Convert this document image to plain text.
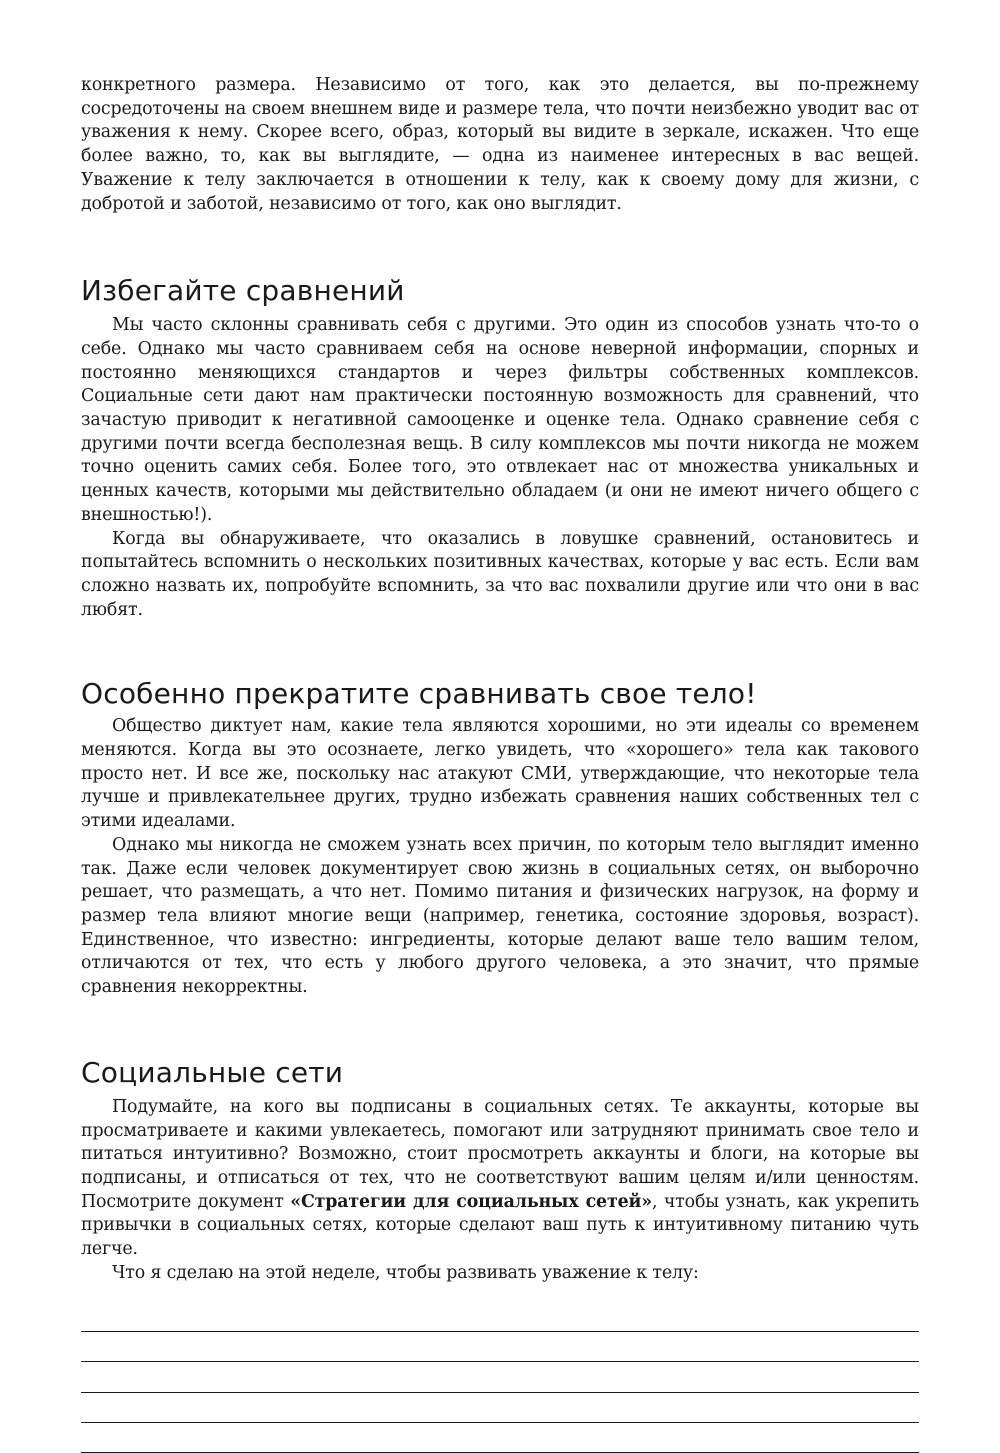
конкретного размера. Независимо от того, как это делается, вы по-прежнему сосредоточены на своем внешнем виде и размере тела, что почти неизбежно уводит вас от уважения к нему. Скорее всего, образ, который вы видите в зеркале, искажен. Что еще более важно, то, как вы выглядите, — одна из наименее интересных в вас вещей. Уважение к телу заключается в отношении к телу, как к своему дому для жизни, с добротой и заботой, независимо от того, как оно выглядит.

Избегайте сравнений

Мы часто склонны сравнивать себя с другими. Это один из способов узнать что-то о себе. Однако мы часто сравниваем себя на основе неверной информации, спорных и постоянно меняющихся стандартов и через фильтры собственных комплексов. Социальные сети дают нам практически постоянную возможность для сравнений, что зачастую приводит к негативной самооценке и оценке тела. Однако сравнение себя с другими почти всегда бесполезная вещь. В силу комплексов мы почти никогда не можем точно оценить самих себя. Более того, это отвлекает нас от множества уникальных и ценных качеств, которыми мы действительно обладаем (и они не имеют ничего общего с внешностью!).

Когда вы обнаруживаете, что оказались в ловушке сравнений, остановитесь и попытайтесь вспомнить о нескольких позитивных качествах, которые у вас есть. Если вам сложно назвать их, попробуйте вспомнить, за что вас похвалили другие или что они в вас любят.

Особенно прекратите сравнивать свое тело!

Общество диктует нам, какие тела являются хорошими, но эти идеалы со временем меняются. Когда вы это осознаете, легко увидеть, что «хорошего» тела как такового просто нет. И все же, поскольку нас атакуют СМИ, утверждающие, что некоторые тела лучше и привлекательнее других, трудно избежать сравнения наших собственных тел с этими идеалами.

Однако мы никогда не сможем узнать всех причин, по которым тело выглядит именно так. Даже если человек документирует свою жизнь в социальных сетях, он выборочно решает, что размещать, а что нет. Помимо питания и физических нагрузок, на форму и размер тела влияют многие вещи (например, генетика, состояние здоровья, возраст). Единственное, что известно: ингредиенты, которые делают ваше тело вашим телом, отличаются от тех, что есть у любого другого человека, а это значит, что прямые сравнения некорректны.

Социальные сети

Подумайте, на кого вы подписаны в социальных сетях. Те аккаунты, которые вы просматриваете и какими увлекаетесь, помогают или затрудняют принимать свое тело и питаться интуитивно? Возможно, стоит просмотреть аккаунты и блоги, на которые вы подписаны, и отписаться от тех, что не соответствуют вашим целям и/или ценностям. Посмотрите документ «Стратегии для социальных сетей», чтобы узнать, как укрепить привычки в социальных сетях, которые сделают ваш путь к интуитивному питанию чуть легче.

Что я сделаю на этой неделе, чтобы развивать уважение к телу:
